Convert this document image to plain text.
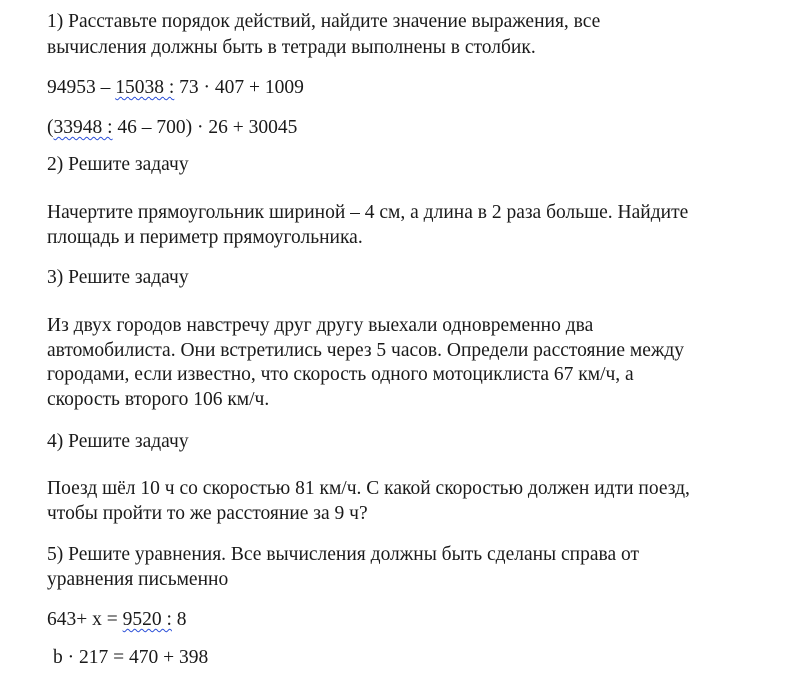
1) Расставьте порядок действий, найдите значение выражения, все
вычисления должны быть в тетради выполнены в столбик.
94953 – 15038 : 73 · 407 + 1009
(33948 : 46 – 700) · 26 + 30045
2) Решите задачу
Начертите прямоугольник шириной – 4 см, а длина в 2 раза больше. Найдите
площадь и периметр прямоугольника.
3) Решите задачу
Из двух городов навстречу друг другу выехали одновременно два
автомобилиста. Они встретились через 5 часов. Определи расстояние между
городами, если известно, что скорость одного мотоциклиста 67 км/ч, а
скорость второго 106 км/ч.
4) Решите задачу
Поезд шёл 10 ч со скоростью 81 км/ч. С какой скоростью должен идти поезд,
чтобы пройти то же расстояние за 9 ч?
5) Решите уравнения. Все вычисления должны быть сделаны справа от
уравнения письменно
643+ x = 9520 : 8
b · 217 = 470 + 398
